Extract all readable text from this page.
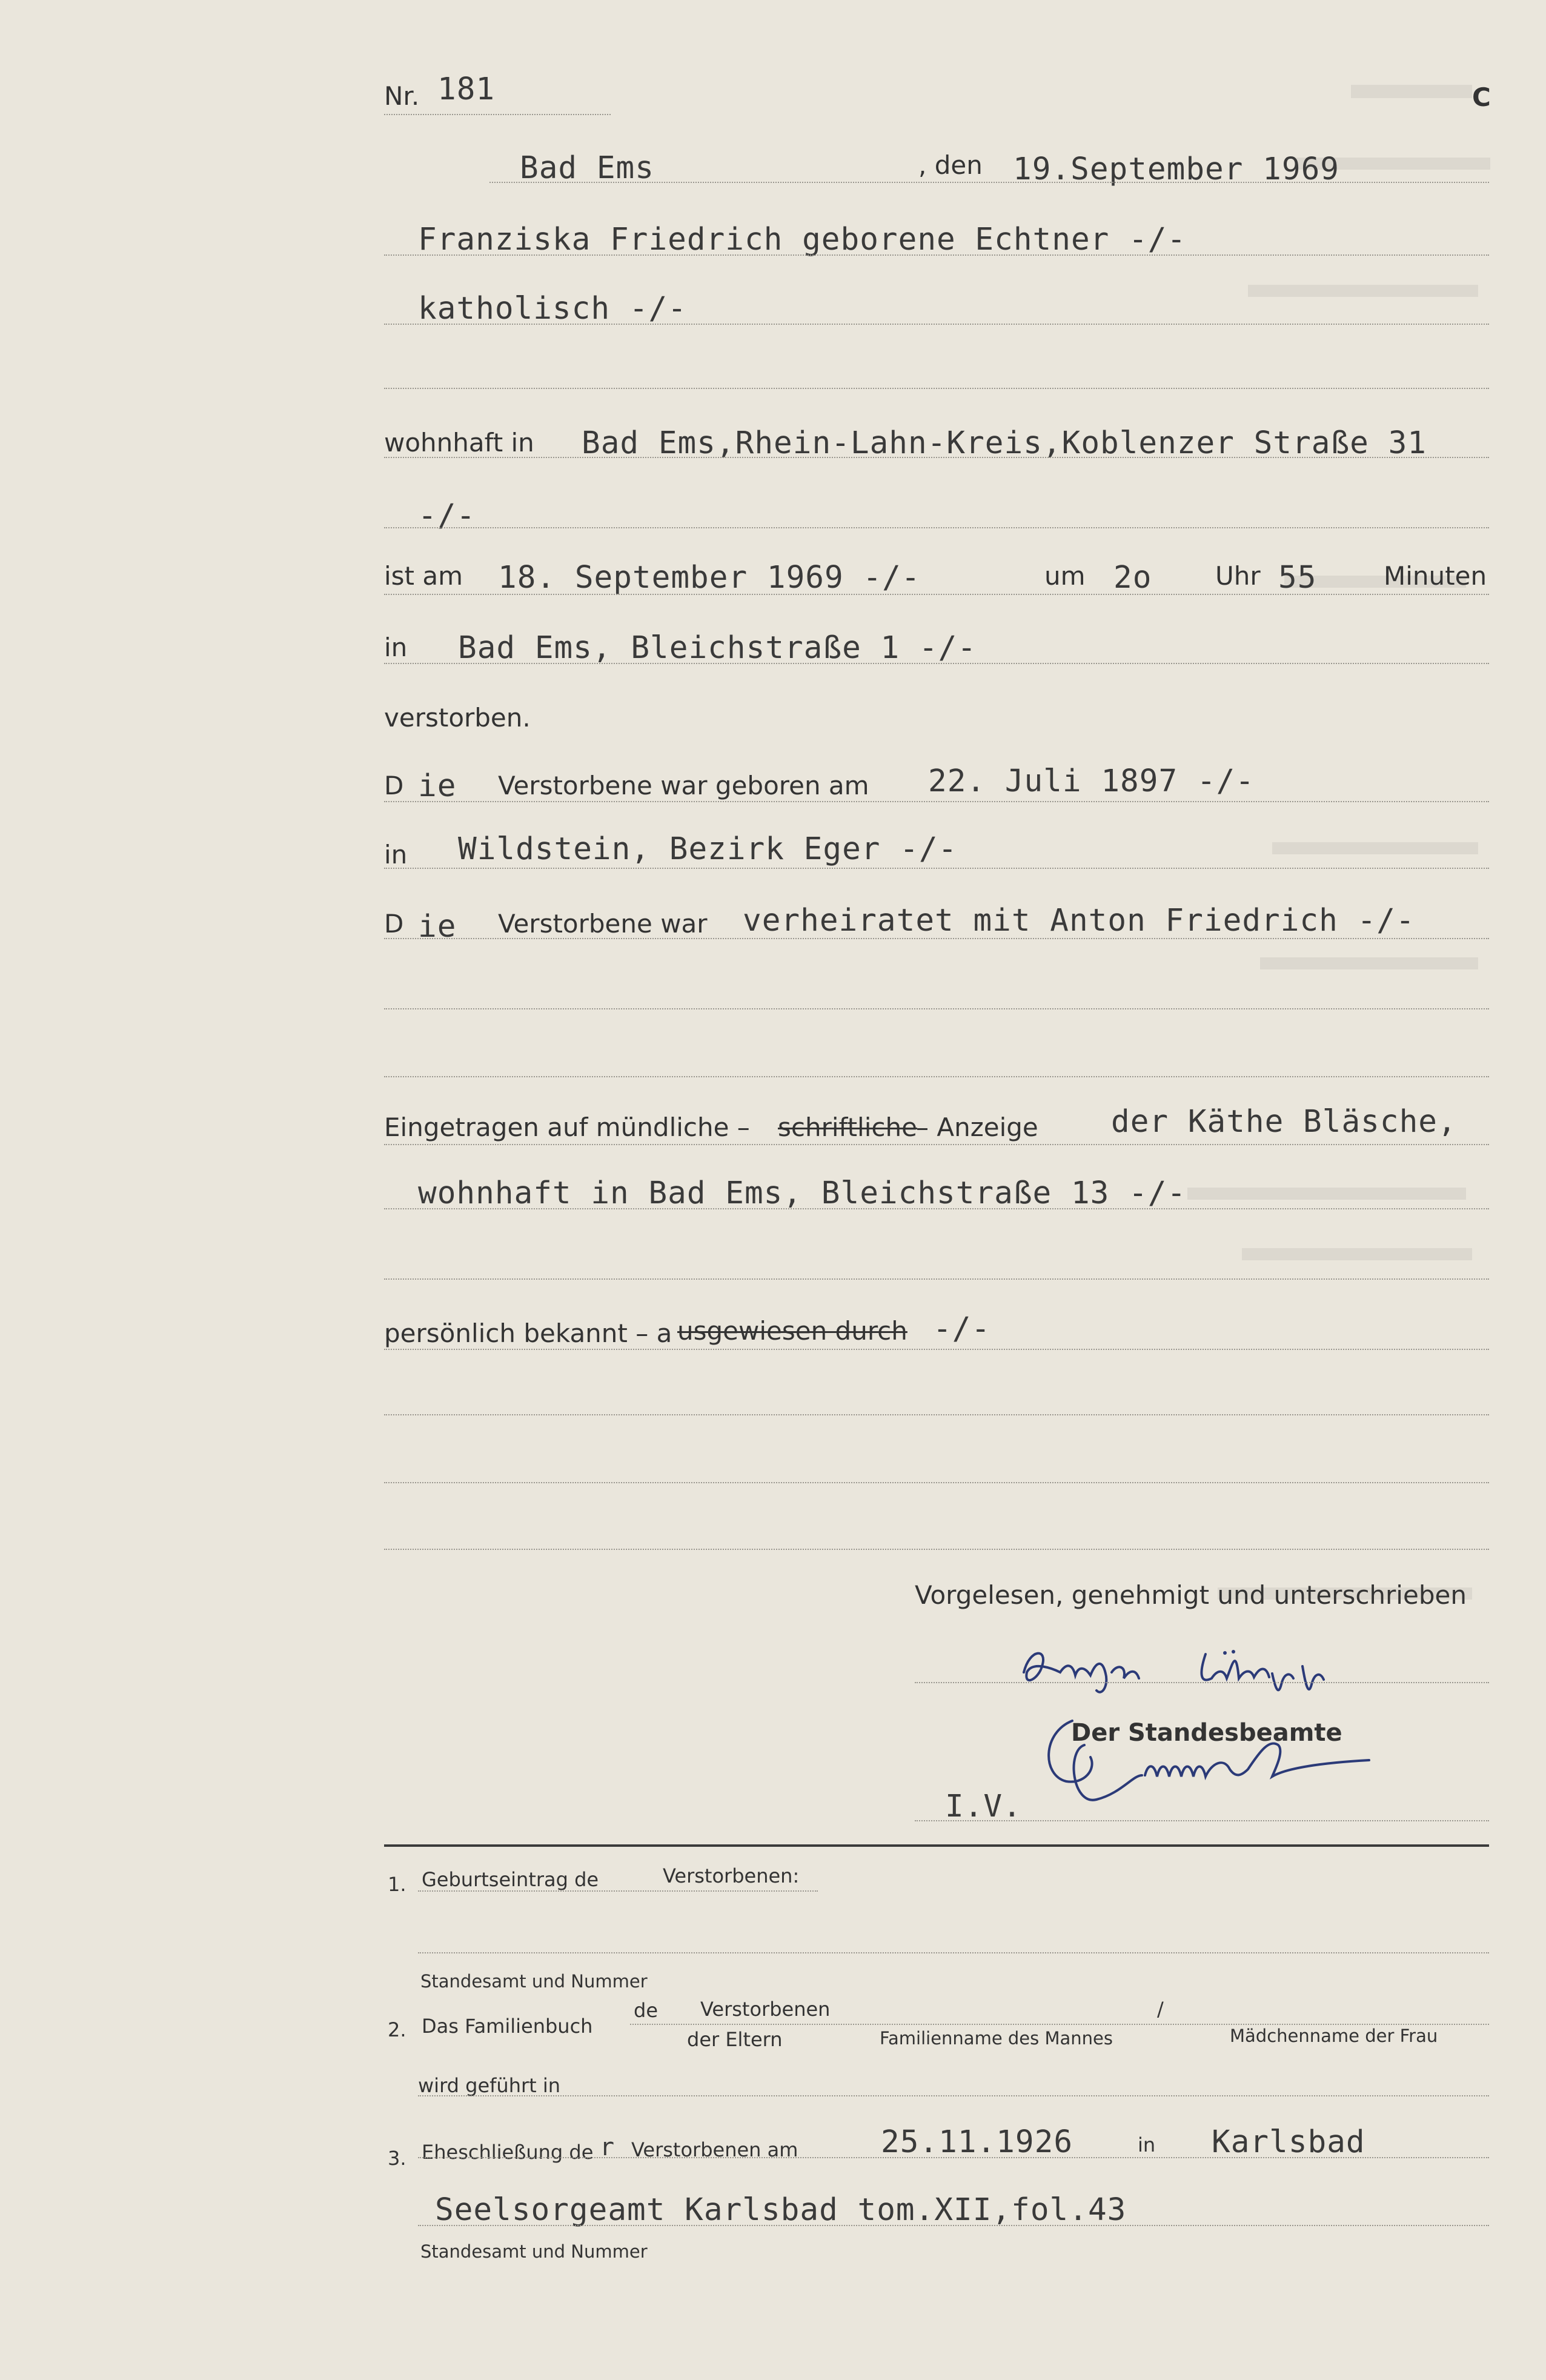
Nr. 181	C
Bad Ems	, den 19.September 1969
Franziska Friedrich geborene Echtner -/-
katholisch -/-
wohnhaft in Bad Ems,Rhein-Lahn-Kreis,Koblenzer Straße 31
-/-
ist am 18. September 1969 -/-	um 2o Uhr 55	Minuten
in Bad Ems, Bleichstraße 1 -/-
verstorben.
D ie Verstorbene war geboren am 22. Juli 1897 -/-
in Wildstein, Bezirk Eger -/-
D ie Verstorbene war verheiratet mit Anton Friedrich -/-
Eingetragen auf mündliche – schriftliche
– Anzeige der Käthe Bläsche,
wohnhaft in Bad Ems, Bleichstraße 13 -/-
persönlich bekannt – a usgewiesen durch -/-
Vorgelesen, genehmigt und unterschrieben
Der Standesbeamte
I.V.
1. Geburtseintrag de	Verstorbenen:
Standesamt und Nummer
2. Das Familienbuch
de Verstorbenen
der Eltern
/
Familienname des Mannes	Mädchenname der Frau
wird geführt in
3. Eheschließung de r Verstorbenen am	25.11.1926	in Karlsbad
Seelsorgeamt Karlsbad tom.XII,fol.43
Standesamt und Nummer
